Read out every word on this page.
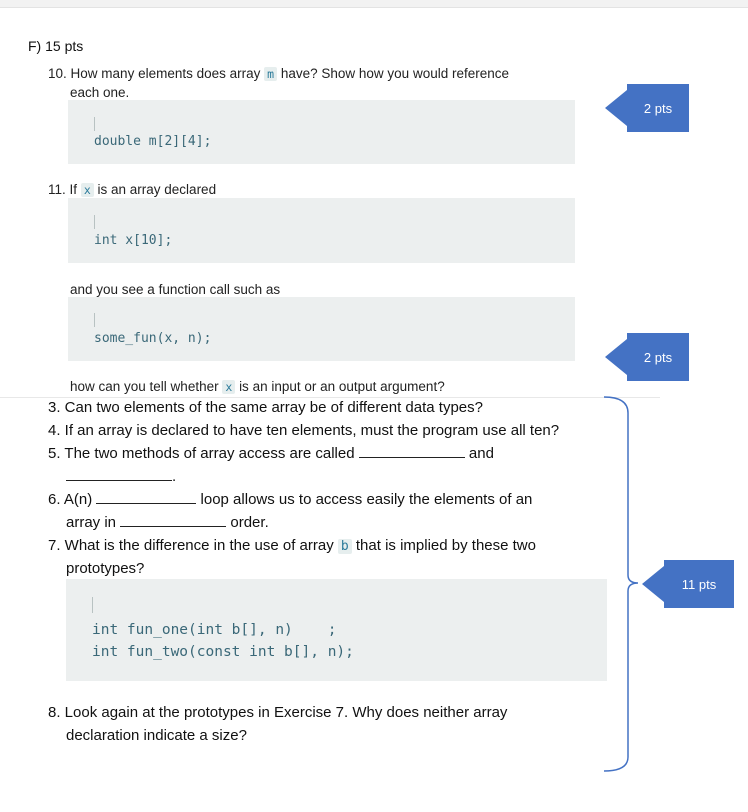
F) 15 pts
10. How many elements does array m have? Show how you would reference
each one.
double m[2][4];
11. If x is an array declared
int x[10];
and you see a function call such as
some_fun(x, n);
how can you tell whether x is an input or an output argument?
3. Can two elements of the same array be of different data types?
4. If an array is declared to have ten elements, must the program use all ten?
5. The two methods of array access are called	and
.
6. A(n)	loop allows us to access easily the elements of an
array in	order.
7. What is the difference in the use of array b that is implied by these two
prototypes?
int fun_one(int b[], n)    ;
int fun_two(const int b[], n);
8. Look again at the prototypes in Exercise 7. Why does neither array
declaration indicate a size?
2 pts
2 pts
11 pts
